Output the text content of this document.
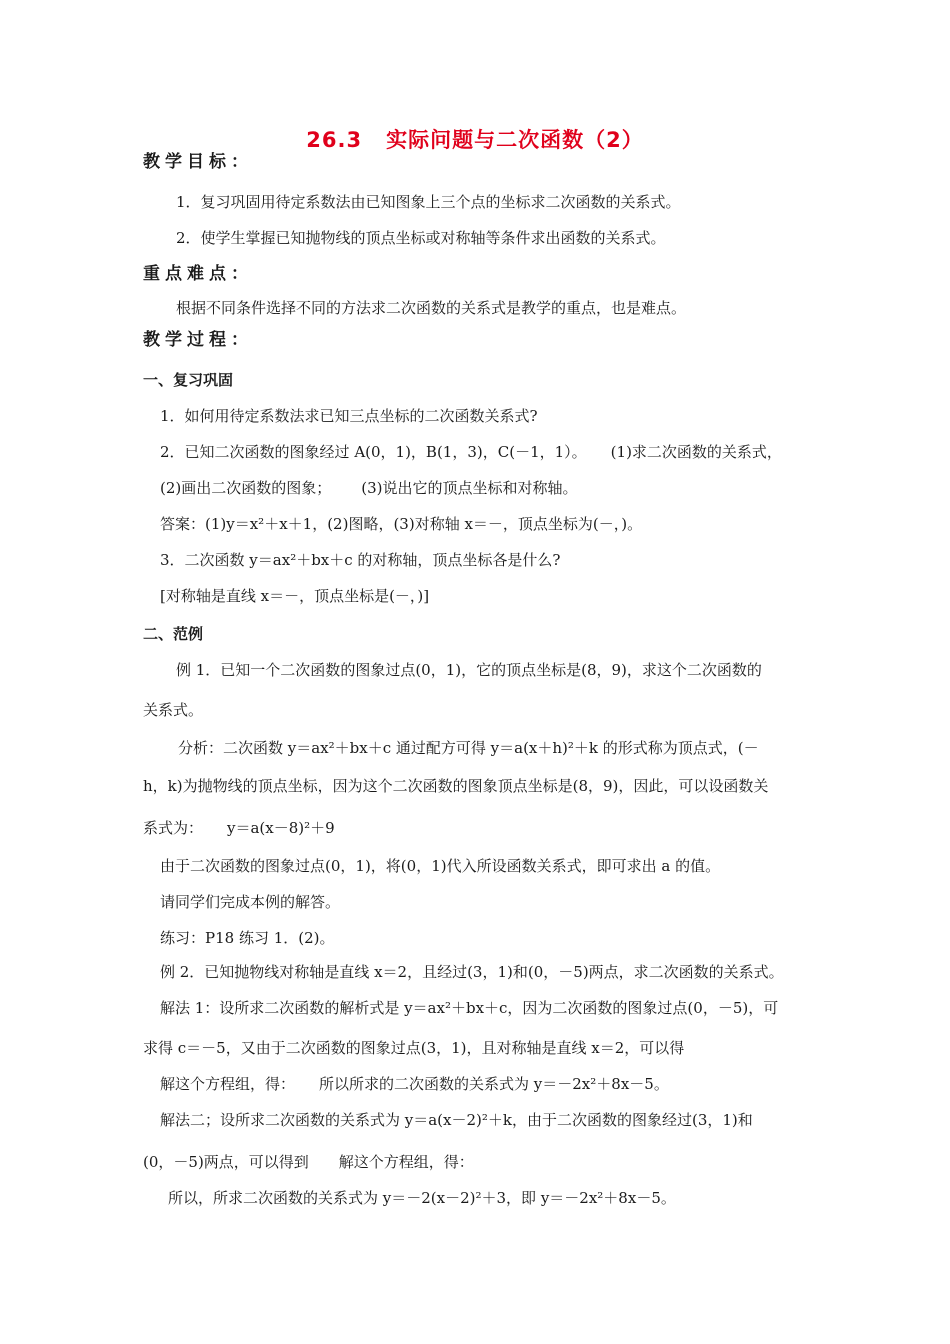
26.3 实际问题与二次函数（2）
教学目标：
1．复习巩固用待定系数法由已知图象上三个点的坐标求二次函数的关系式。
2．使学生掌握已知抛物线的顶点坐标或对称轴等条件求出函数的关系式。
重点难点：
根据不同条件选择不同的方法求二次函数的关系式是教学的重点，也是难点。
教学过程：
一、复习巩固
1．如何用待定系数法求已知三点坐标的二次函数关系式?
2．已知二次函数的图象经过 A(0，1)，B(1，3)，C(－1，1）。 (1)求二次函数的关系式，
(2)画出二次函数的图象； (3)说出它的顶点坐标和对称轴。
答案：(1)y＝x²＋x＋1，(2)图略，(3)对称轴 x＝－，顶点坐标为(－，)。
3．二次函数 y＝ax²＋bx＋c 的对称轴，顶点坐标各是什么?
[对称轴是直线 x＝－，顶点坐标是(－，)]
二、范例
例 1．已知一个二次函数的图象过点(0，1)，它的顶点坐标是(8，9)，求这个二次函数的
关系式。
分析：二次函数 y＝ax²＋bx＋c 通过配方可得 y＝a(x＋h)²＋k 的形式称为顶点式，(－
h，k)为抛物线的顶点坐标，因为这个二次函数的图象顶点坐标是(8，9)，因此，可以设函数关
系式为： y＝a(x－8)²＋9
由于二次函数的图象过点(0，1)，将(0，1)代入所设函数关系式，即可求出 a 的值。
请同学们完成本例的解答。
练习：P18 练习 1．(2)。
例 2．已知抛物线对称轴是直线 x＝2，且经过(3，1)和(0，－5)两点，求二次函数的关系式。
解法 1：设所求二次函数的解析式是 y＝ax²＋bx＋c，因为二次函数的图象过点(0，－5)，可
求得 c＝－5，又由于二次函数的图象过点(3，1)，且对称轴是直线 x＝2，可以得
解这个方程组，得： 所以所求的二次函数的关系式为 y＝－2x²＋8x－5。
解法二；设所求二次函数的关系式为 y＝a(x－2)²＋k，由于二次函数的图象经过(3，1)和
(0，－5)两点，可以得到 解这个方程组，得：
所以，所求二次函数的关系式为 y＝－2(x－2)²＋3，即 y＝－2x²＋8x－5。
